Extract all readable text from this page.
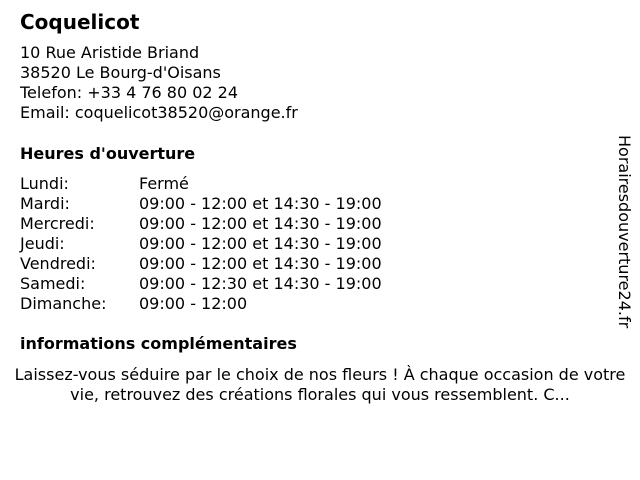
Coquelicot
10 Rue Aristide Briand
38520 Le Bourg-d'Oisans
Telefon: +33 4 76 80 02 24
Email: coquelicot38520@orange.fr
Heures d'ouverture
Lundi:	Fermé
Mardi:	09:00 - 12:00 et 14:30 - 19:00
Mercredi:	09:00 - 12:00 et 14:30 - 19:00
Jeudi:	09:00 - 12:00 et 14:30 - 19:00
Vendredi:	09:00 - 12:00 et 14:30 - 19:00
Samedi:	09:00 - 12:30 et 14:30 - 19:00
Dimanche: 09:00 - 12:00
informations complémentaires
Laissez-vous séduire par le choix de nos fleurs ! À chaque occasion de votre vie, retrouvez des créations florales qui vous ressemblent. C...
Horairesdouverture24.fr
